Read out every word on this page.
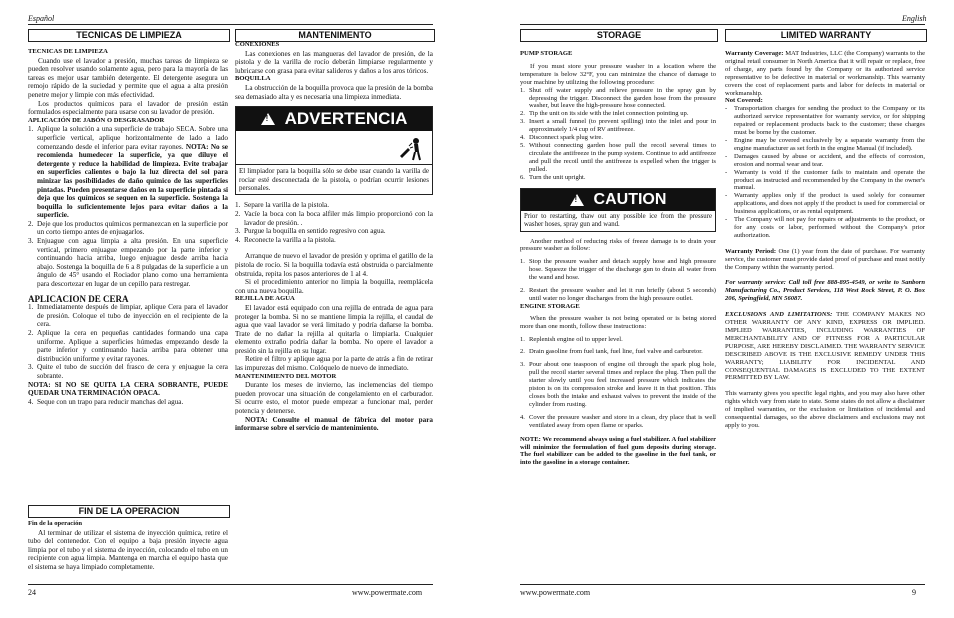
Español	English
TECNICAS DE LIMPIEZA

TECNICAS DE LIMPIEZA

Cuando use el lavador a presión, muchas tareas de limpieza se pueden resolver usando solamente agua, pero para la mayoría de las tareas es mejor usar también detergente. El detergente asegura un remojo rápido de la suciedad y permite que el agua a alta presión penetre mejor y limpie con más efectividad.

Los productos químicos para el lavador de presión están formulados especialmente para usarse con su lavador de presión.

APLICACIÓN DE JABÓN O DESGRASADOR

1. Aplique la solución a una superficie de trabajo SECA. Sobre una superficie vertical, aplique horizontalmente de lado a lado comenzando desde el inferior para evitar rayones. NOTA: No se recomienda humedecer la superficie, ya que diluye el detergente y reduce la habilidad de limpieza. Evite trabajar en superficies calientes o bajo la luz directa del sol para minizar las posibilidades de daño químico de las superficies pintadas. Pueden presentarse daños en la superficie pintada si deja que los químicos se sequen en la superficie. Sostenga la boquilla lo suficientemente lejos para evitar daños a la superficie.
2. Deje que los productos químicos permanezcan en la superficie por un corto tiempo antes de enjuagarlos.
3. Enjuague con agua limpia a alta presión. En una superficie vertical, primero enjuague empezando por la parte inferior y continuando hacia arriba, luego enjuague desde arriba hacia abajo. Sostenga la boquilla de 6 a 8 pulgadas de la superficie a un ángulo de 45° usando el Rociador plano como una herramienta para descortezar en lugar de un cepillo para restregar.

APLICACION DE CERA

1. Inmediatamente después de limpiar, aplique Cera para el lavador de presión. Coloque el tubo de inyección en el recipiente de la cera.
2. Aplique la cera en pequeñas cantidades formando una capa uniforme. Aplique a superficies húmedas empezando desde la parte inferior y continuando hacia arriba para obtener una distribución uniforme y evitar rayones.
3. Quite el tubo de succión del frasco de cera y enjuague la cera sobrante.

NOTA: SI NO SE QUITA LA CERA SOBRANTE, PUEDE QUEDAR UNA TERMINACIÓN OPACA.

4. Seque con un trapo para reducir manchas del agua.
FIN DE LA OPERACION

Fin de la operación

Al terminar de utilizar el sistema de inyección química, retire el tubo del contenedor. Con el equipo a baja presión inyecte agua limpia por el tubo y el sistema de inyección, colocando el tubo en un recipiente con agua limpia. Mantenga en marcha el equipo hasta que el sistema se haya limpiado completamente.

MANTENIMENTO

CONEXIONES

Las conexiones en las mangueras del lavador de presión, de la pistola y de la varilla de rocío deberán limpiarse regularmente y lubricarse con grasa para evitar salideros y daños a los aros tóricos.

BOQUILLA

La obstrucción de la boquilla provoca que la presión de la bomba sea demasiado alta y es necesaria una limpieza inmediata.

! ADVERTENCIA
El limpiador para la boquilla sólo se debe usar cuando la varilla de rociar esté desconectada de la pistola, o podrían ocurrir lesiones personales.
1. Separe la varilla de la pistola.
2. Vacíe la boca con la boca alfiler más limpio proporcionó con la lavador de presión. .
3. Purgue la boquilla en sentido regresivo con agua.
4. Reconecte la varilla a la pistola.

Arranque de nuevo el lavador de presión y oprima el gatillo de la pistola de rocío. Si la boquilla todavía está obstruida o parcialmente obstruida, repita los pasos anteriores de 1 al 4.

Si el procedimiento anterior no limpia la boquilla, reemplácela con una nueva boquilla.

REJILLA DE AGUA

El lavador está equipado con una rejilla de entrada de agua para proteger la bomba. Si no se mantiene limpia la rejilla, el caudal de agua que vaal lavador se verá limitado y podría dañarse la bomba. Trate de no dañar la rejilla al quitarla o limpiarla. Cualquier elemento extraño podría dañar la bomba. No opere el lavador a presión sin la rejilla en su lugar.

Retire el filtro y aplique agua por la parte de atrás a fin de retirar las impurezas del mismo. Colóquelo de nuevo de inmediato.

MANTENIMIENTO DEL MOTOR

Durante los meses de invierno, las inclemencias del tiempo pueden provocar una situación de congelamiento en el carburador. Si ocurre esto, el motor puede empezar a funcionar mal, perder potencia y detenerse.

NOTA: Consulte el manual de fábrica del motor para informarse sobre el servicio de mantenimiento.

STORAGE

PUMP STORAGE

If you must store your pressure washer in a location where the temperature is below 32°F, you can minimize the chance of damage to your machine by utilizing the following procedure:

1. Shut off water supply and relieve pressure in the spray gun by depressing the trigger. Disconnect the garden hose from the pressure washer, but leave the high-pressure hose connected.
2. Tip the unit on its side with the inlet connection pointing up.
3. Insert a small funnel (to prevent spilling) into the inlet and pour in approximately 1/4 cup of RV antifreeze.
4. Disconnect spark plug wire.
5. Without connecting garden hose pull the recoil several times to circulate the antifreeze in the pump system. Continue to add antifreeze and pull the recoil until the antifreeze is expelled when the trigger is pulled.
6. Turn the unit upright.
! CAUTION
Prior to restarting, thaw out any possible ice from the pressure washer hoses, spray gun and wand.

Another method of reducing risks of freeze damage is to drain your pressure washer as follow:

1. Stop the pressure washer and detach supply hose and high pressure hose. Squeeze the trigger of the discharge gun to drain all water from the wand and hose.
2. Restart the pressure washer and let it run briefly (about 5 seconds) until water no longer discharges from the high pressure outlet.

ENGINE STORAGE

When the pressure washer is not being operated or is being stored more than one month, follow these instructions:

1. Replenish engine oil to upper level.
2. Drain gasoline from fuel tank, fuel line, fuel valve and carburetor.
3. Pour about one teaspoon of engine oil through the spark plug hole, pull the recoil starter several times and replace the plug. Then pull the starter slowly until you feel increased pressure which indicates the piston is on its compression stroke and leave it in that position. This closes both the intake and exhaust valves to prevent the inside of the cylinder from rusting.
4. Cover the pressure washer and store in a clean, dry place that is well ventilated away from open flame or sparks.

NOTE: We recommend always using a fuel stabilizer. A fuel stabilizer will minimize the formulation of fuel gum deposits during storage. The fuel stabilizer can be added to the gasoline in the fuel tank, or into the gasoline in a storage container.

LIMITED WARRANTY

Warranty Coverage: MAT Industries, LLC (the Company) warrants to the original retail consumer in North America that it will repair or replace, free of charge, any parts found by the Company or its authorized service representative to be defective in material or workmanship. This warranty covers the cost of replacement parts and labor for defects in material or workmanship.

Not Covered:

-	Transportation charges for sending the product to the Company or its authorized service representative for warranty service, or for shipping repaired or replacement products back to the customer; these charges must be borne by the customer.
-	Engine may be covered exclusively by a separate warranty from the engine manufacturer as set forth in the engine Manual (if included).
-	Damages caused by abuse or accident, and the effects of corrosion, erosion and normal wear and tear.
-	Warranty is void if the customer fails to maintain and operate the product as instructed and recommended by the Company in the owner's manual.
-	Warranty applies only if the product is used solely for consumer applications, and does not apply if the product is used for commercial or business applications, or as rental equipment.
-	The Company will not pay for repairs or adjustments to the product, or for any costs or labor, performed without the Company's prior authorization.

Warranty Period: One (1) year from the date of purchase. For warranty service, the customer must provide dated proof of purchase and must notify the Company within the warranty period.

For warranty service: Call toll free 888-895-4549, or write to Sanborn Manufacturing Co., Product Services, 118 West Rock Street, P. O. Box 206, Springfield, MN 56087.

EXCLUSIONS AND LIMITATIONS: THE COMPANY MAKES NO OTHER WARRANTY OF ANY KIND, EXPRESS OR IMPLIED. IMPLIED WARRANTIES, INCLUDING WARRANTIES OF MERCHANTABILITY AND OF FITNESS FOR A PARTICULAR PURPOSE, ARE HEREBY DISCLAIMED. THE WARRANTY SERVICE DESCRIBED ABOVE IS THE EXCLUSIVE REMEDY UNDER THIS WARRANTY; LIABILITY FOR INCIDENTAL AND CONSEQUENTIAL DAMAGES IS EXCLUDED TO THE EXTENT PERMITTED BY LAW.

This warranty gives you specific legal rights, and you may also have other rights which vary from state to state. Some states do not allow a disclaimer of implied warranties, or the exclusion or limitation of incidental and consequential damages, so the above disclaimers and exclusions may not apply to you.

24	www.powermate.com	www.powermate.com	9
